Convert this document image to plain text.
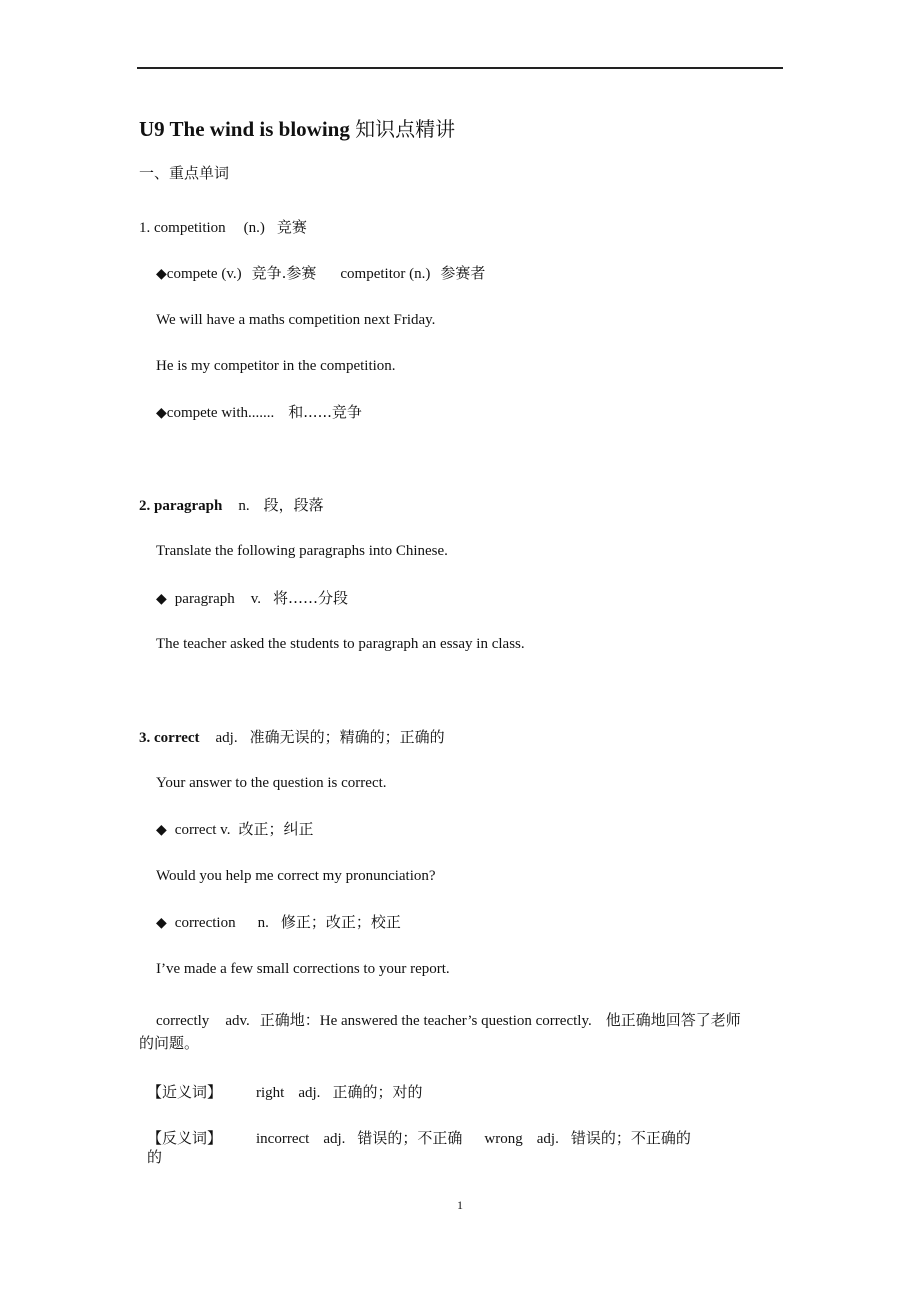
U9 The wind is blowing 知识点精讲
一、重点单词
1. competition (n.) 竞赛
◆compete (v.) 竞争.参赛 competitor (n.) 参赛者
We will have a maths competition next Friday.
He is my competitor in the competition.
◆compete with....... 和......竞争
2. paragraph n. 段，段落
Translate the following paragraphs into Chinese.
◆ paragraph v. 将……分段
The teacher asked the students to paragraph an essay in class.
3. correct adj. 准确无误的；精确的；正确的
Your answer to the question is correct.
◆ correct v. 改正；纠正
Would you help me correct my pronunciation?
◆ correction n. 修正；改正；校正
I’ve made a few small corrections to your report.
correctly adv. 正确地：He answered the teacher’s question correctly. 他正确地回答了老师
的问题。
【近义词】 right adj. 正确的；对的
【反义词】 incorrect adj. 错误的；不正确 wrong adj. 错误的；不正确的
的
1
